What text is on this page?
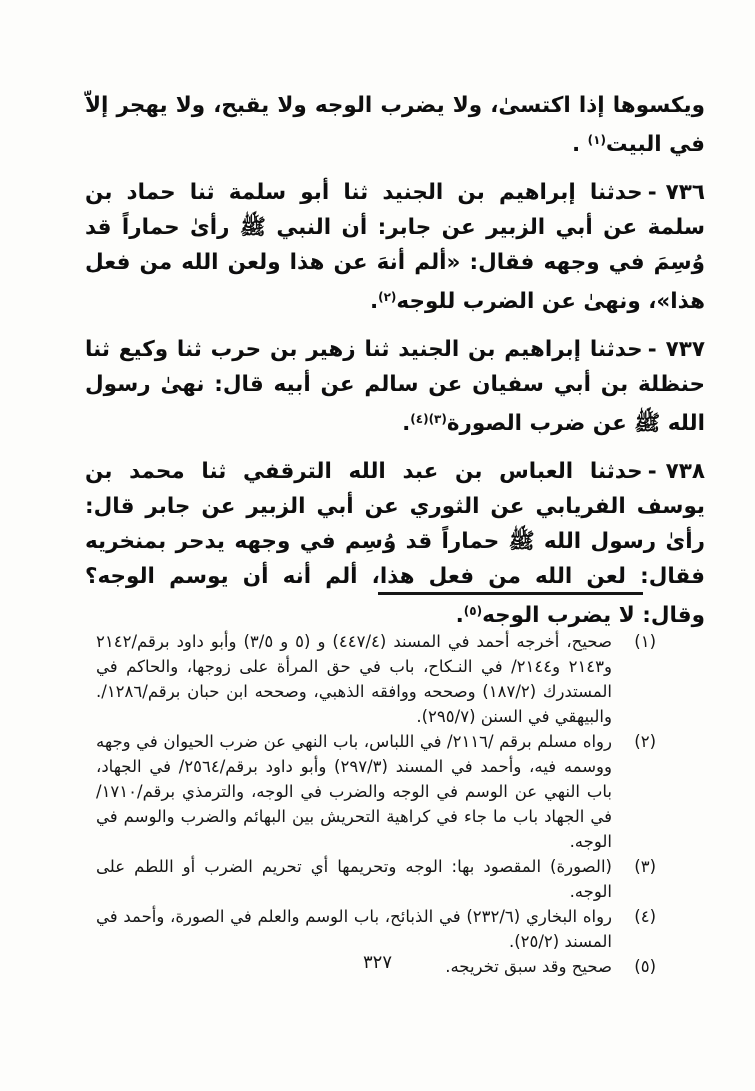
ويكسوها إذا اكتسىٰ، ولا يضرب الوجه ولا يقبح، ولا يهجر إلاّ في البيت$^{(١)}$ .

٧٣٦-حدثنا إبراهيم بن الجنيد ثنا أبو سلمة ثنا حماد بن سلمة عن أبي الزبير عن جابر: أن النبي ﷺ رأىٰ حماراً قد وُسِمَ في وجهه فقال: «ألم أنهَ عن هذا ولعن الله من فعل هذا»، ونهىٰ عن الضرب للوجه$^{(٢)}$.

٧٣٧-حدثنا إبراهيم بن الجنيد ثنا زهير بن حرب ثنا وكيع ثنا حنظلة بن أبي سفيان عن سالم عن أبيه قال: نهىٰ رسول الله ﷺ عن ضرب الصورة$^{(٣)(٤)}$.

٧٣٨-حدثنا العباس بن عبد الله الترقفي ثنا محمد بن يوسف الفريابي عن الثوري عن أبي الزبير عن جابر قال: رأىٰ رسول الله ﷺ حماراً قد وُسِم في وجهه يدحر بمنخريه فقال: لعن الله من فعل هذا، ألم أنه أن يوسم الوجه؟ وقال: لا يضرب الوجه$^{(٥)}$.

(١)
صحيح، أخرجه أحمد في المسند (٤٤٧/٤) و (٥ و ٣/٥) وأبو داود برقم/٢١٤٢ و٢١٤٣ و٢١٤٤/ في النـكاح، باب في حق المرأة على زوجها، والحاكم في المستدرك (١٨٧/٢) وصححه ووافقه الذهبي، وصححه ابن حبان برقم/١٢٨٦/. والبيهقي في السنن (٢٩٥/٧).
(٢)
رواه مسلم برقم /٢١١٦/ في اللباس، باب النهي عن ضرب الحيوان في وجهه ووسمه فيه، وأحمد في المسند (٢٩٧/٣) وأبو داود برقم/٢٥٦٤/ في الجهاد، باب النهي عن الوسم في الوجه والضرب في الوجه، والترمذي برقم/١٧١٠/ في الجهاد باب ما جاء في كراهية التحريش بين البهائم والضرب والوسم في الوجه.
(٣)
(الصورة) المقصود بها: الوجه وتحريمها أي تحريم الضرب أو اللطم على الوجه.
(٤)
رواه البخاري (٢٣٢/٦) في الذبائح، باب الوسم والعلم في الصورة، وأحمد في المسند (٢٥/٢).
(٥)
صحيح وقد سبق تخريجه.
٣٢٧
